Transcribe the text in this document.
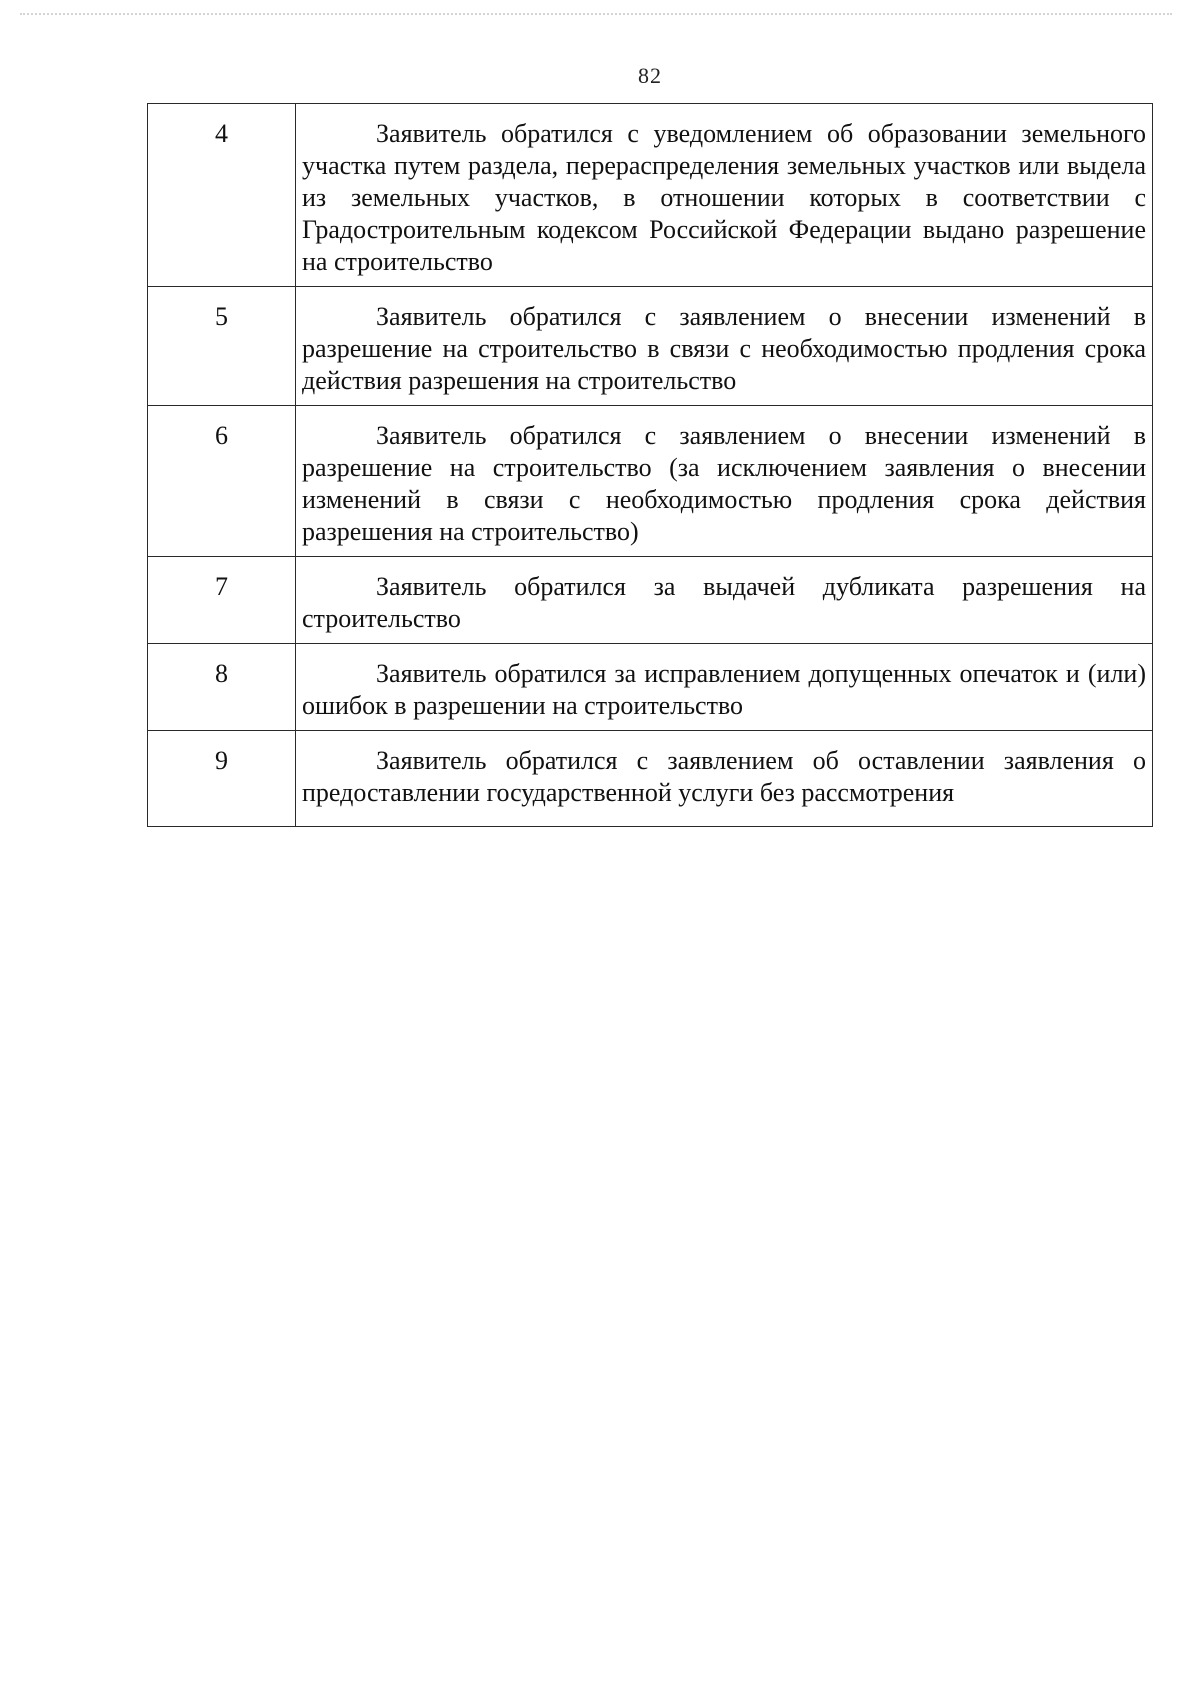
82
4	Заявитель обратился с уведомлением об образовании земельного участка путем раздела, перераспределения земельных участков или выдела из земельных участков, в отношении которых в соответствии с Градостроительным кодексом Российской Федерации выдано разрешение на строительство
5	Заявитель обратился с заявлением о внесении изменений в разрешение на строительство в связи с необходимостью продления срока действия разрешения на строительство
6	Заявитель обратился с заявлением о внесении изменений в разрешение на строительство (за исключением заявления о внесении изменений в связи с необходимостью продления срока действия разрешения на строительство)
7	Заявитель обратился за выдачей дубликата разрешения на строительство
8	Заявитель обратился за исправлением допущенных опечаток и (или) ошибок в разрешении на строительство
9	Заявитель обратился с заявлением об оставлении заявления о предоставлении государственной услуги без рассмотрения
